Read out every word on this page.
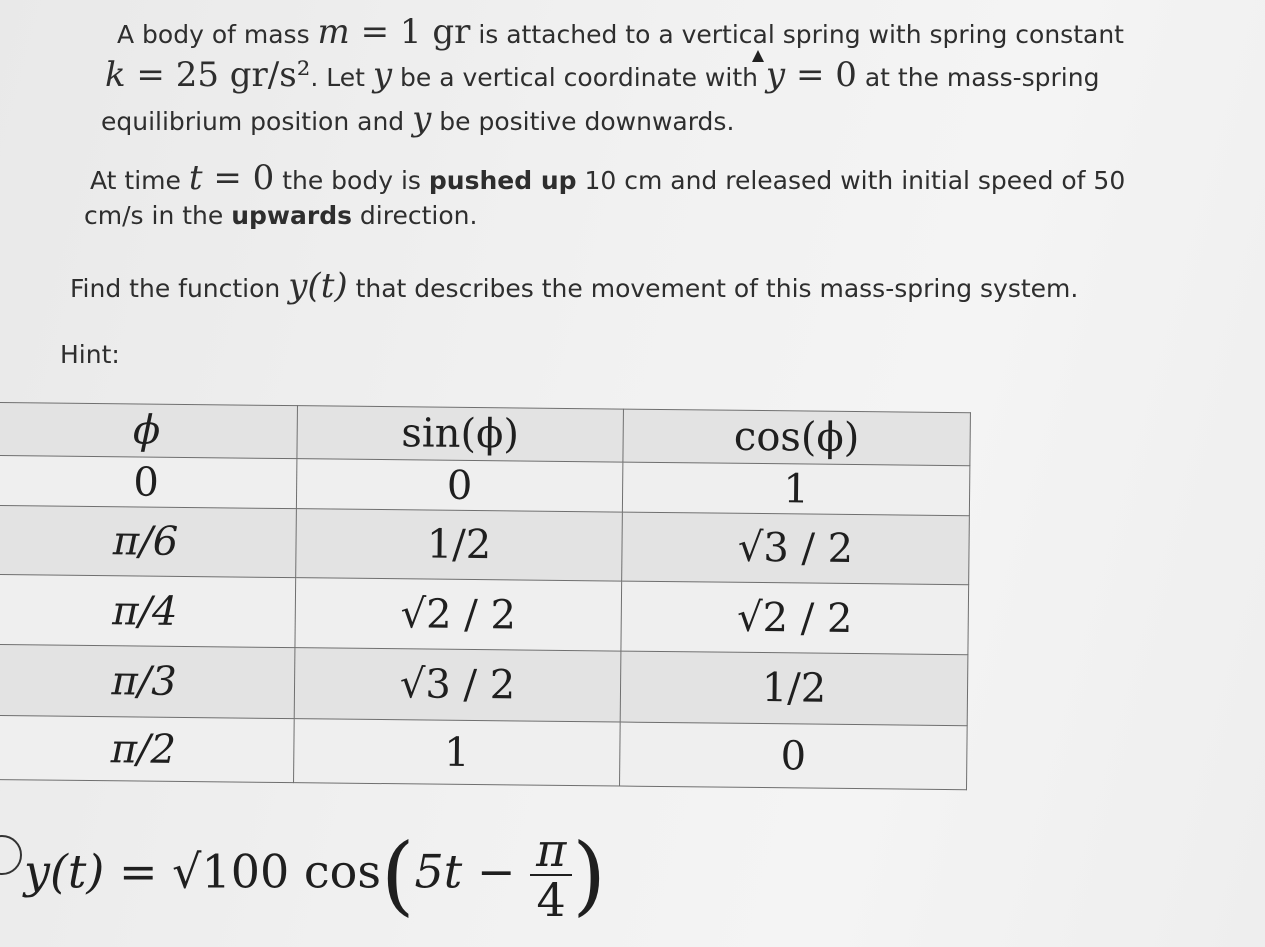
A body of mass m = 1 gr is attached to a vertical spring with spring constant
k = 25 gr/s². Let y be a vertical coordinate with y = 0 at the mass-spring
equilibrium position and y be positive downwards.
At time t = 0 the body is pushed up 10 cm and released with initial speed of 50
cm/s in the upwards direction.
Find the function y(t) that describes the movement of this mass-spring system.
Hint:
ϕ	sin(ϕ)	cos(ϕ)
0	0	1
π/6	1/2	√3 / 2
π/4	√2 / 2	√2 / 2
π/3	√3 / 2	1/2
π/2	1	0
y(t) = √100 $\cos(5t - \frac{\pi}{4}$ )
